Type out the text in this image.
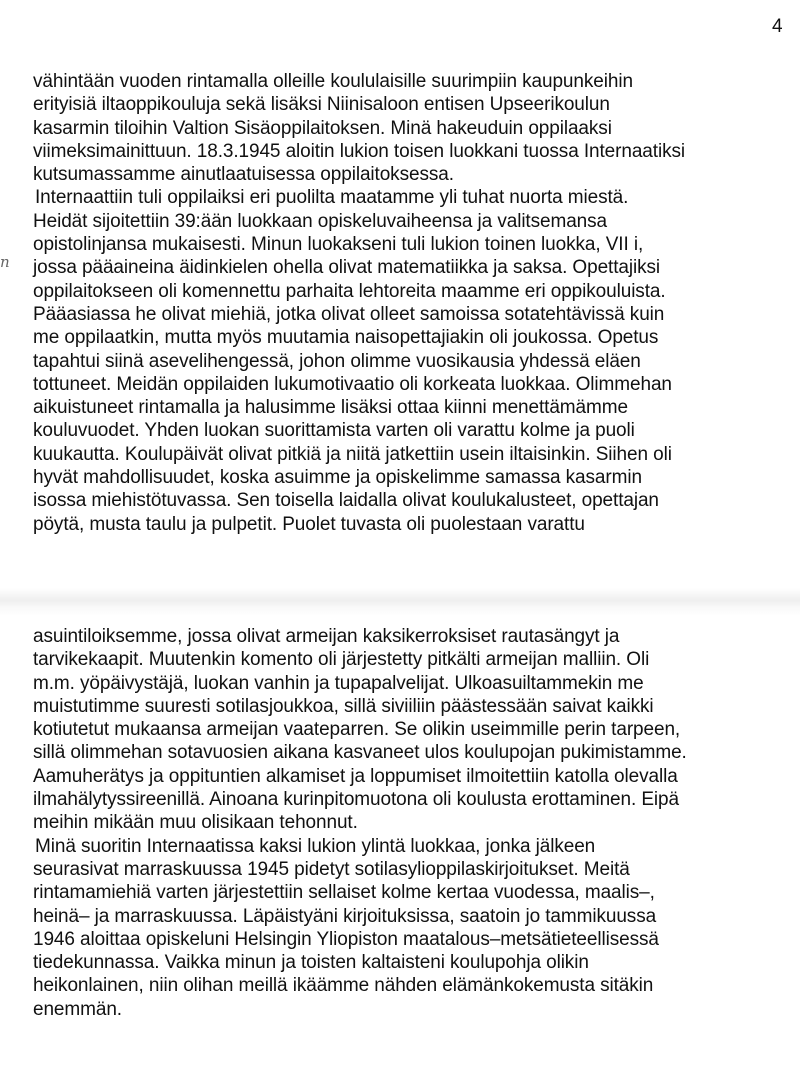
4
n
vähintään vuoden rintamalla olleille koululaisille suurimpiin kaupunkeihin
erityisiä iltaoppikouluja sekä lisäksi Niinisaloon entisen Upseerikoulun
kasarmin tiloihin Valtion Sisäoppilaitoksen. Minä hakeuduin oppilaaksi
viimeksimainittuun. 18.3.1945 aloitin lukion toisen luokkani tuossa Internaatiksi
kutsumassamme ainutlaatuisessa oppilaitoksessa.
Internaattiin tuli oppilaiksi eri puolilta maatamme yli tuhat nuorta miestä.
Heidät sijoitettiin 39:ään luokkaan opiskeluvaiheensa ja valitsemansa
opistolinjansa mukaisesti. Minun luokakseni tuli lukion toinen luokka, VII i,
jossa pääaineina äidinkielen ohella olivat matematiikka ja saksa. Opettajiksi
oppilaitokseen oli komennettu parhaita lehtoreita maamme eri oppikouluista.
Pääasiassa he olivat miehiä, jotka olivat olleet samoissa sotatehtävissä kuin
me oppilaatkin, mutta myös muutamia naisopettajiakin oli joukossa. Opetus
tapahtui siinä asevelihengessä, johon olimme vuosikausia yhdessä eläen
tottuneet. Meidän oppilaiden lukumotivaatio oli korkeata luokkaa. Olimmehan
aikuistuneet rintamalla ja halusimme lisäksi ottaa kiinni menettämämme
kouluvuodet. Yhden luokan suorittamista varten oli varattu kolme ja puoli
kuukautta. Koulupäivät olivat pitkiä ja niitä jatkettiin usein iltaisinkin. Siihen oli
hyvät mahdollisuudet, koska asuimme ja opiskelimme samassa kasarmin
isossa miehistötuvassa. Sen toisella laidalla olivat koulukalusteet, opettajan
pöytä, musta taulu ja pulpetit. Puolet tuvasta oli puolestaan varattu
asuintiloiksemme, jossa olivat armeijan kaksikerroksiset rautasängyt ja
tarvikekaapit. Muutenkin komento oli järjestetty pitkälti armeijan malliin. Oli
m.m. yöpäivystäjä, luokan vanhin ja tupapalvelijat. Ulkoasuiltammekin me
muistutimme suuresti sotilasjoukkoa, sillä siviiliin päästessään saivat kaikki
kotiutetut mukaansa armeijan vaateparren. Se olikin useimmille perin tarpeen,
sillä olimmehan sotavuosien aikana kasvaneet ulos koulupojan pukimistamme.
Aamuherätys ja oppituntien alkamiset ja loppumiset ilmoitettiin katolla olevalla
ilmahälytyssireenillä. Ainoana kurinpitomuotona oli koulusta erottaminen. Eipä
meihin mikään muu olisikaan tehonnut.
Minä suoritin Internaatissa kaksi lukion ylintä luokkaa, jonka jälkeen
seurasivat marraskuussa 1945 pidetyt sotilasylioppilaskirjoitukset. Meitä
rintamamiehiä varten järjestettiin sellaiset kolme kertaa vuodessa, maalis–,
heinä– ja marraskuussa. Läpäistyäni kirjoituksissa, saatoin jo tammikuussa
1946 aloittaa opiskeluni Helsingin Yliopiston maatalous–metsätieteellisessä
tiedekunnassa. Vaikka minun ja toisten kaltaisteni koulupohja olikin
heikonlainen, niin olihan meillä ikäämme nähden elämänkokemusta sitäkin
enemmän.
